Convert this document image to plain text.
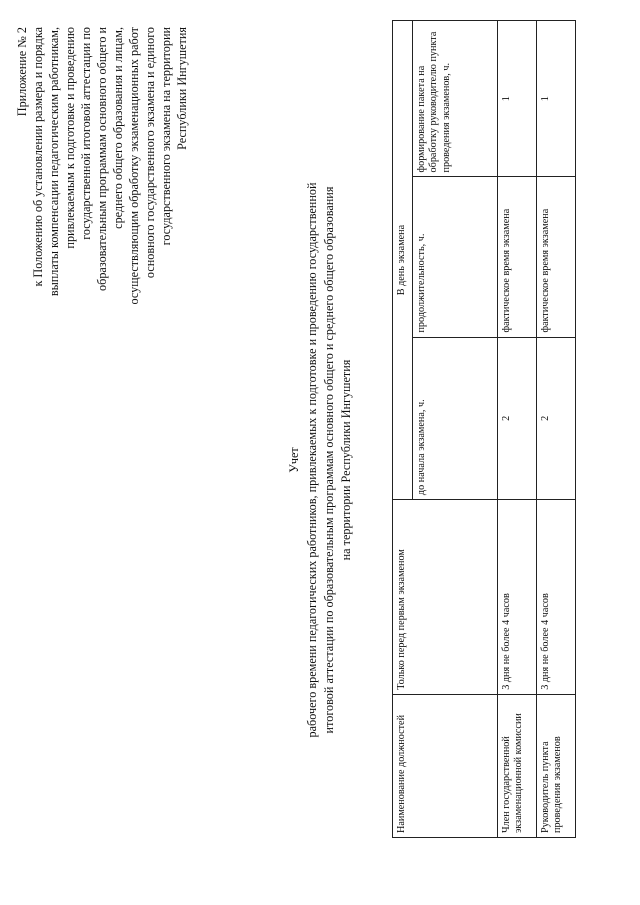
Приложение № 2 к Положению об установлении размера и порядка выплаты компенсации педагогическим работникам, привлекаемым к подготовке и проведению государственной итоговой аттестации по образовательным программам основного общего и среднего общего образования и лицам, осуществляющим обработку экзаменационных работ основного государственного экзамена и единого государственного экзамена на территории Республики Ингушетия
Учет рабочего времени педагогических работников, привлекаемых к подготовке и проведению государственной итоговой аттестации по образовательным программам основного общего и среднего общего образования на территории Республики Ингушетия
Наименование должностей	Только перед первым экзаменом	В день экзамена		
		до начала экзамена, ч.	продолжительность, ч.	формирование пакета на обработку руководителю пункта проведения экзаменов, ч.
Член государственной экзаменационной комиссии	3 дня не более 4 часов	2	фактическое время экзамена	1
Руководитель пункта проведения экзаменов	3 дня не более 4 часов	2	фактическое время экзамена	1
